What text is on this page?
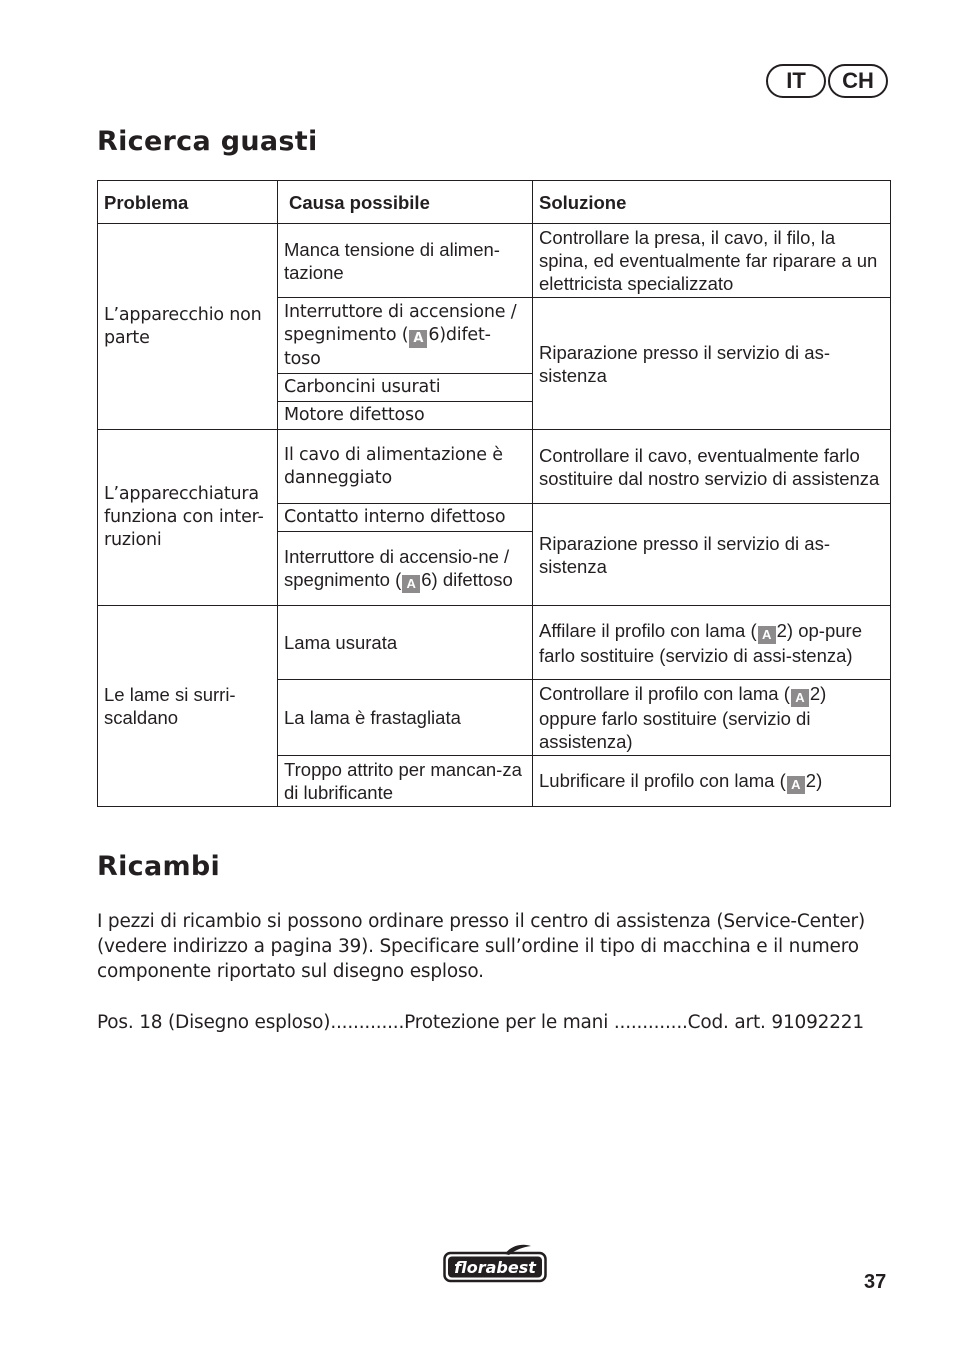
IT	CH
Ricerca guasti
Problema	Causa possibile	Soluzione
L’apparecchio non parte	Manca tensione di alimen-tazione	Controllare la presa, il cavo, il filo, la spina, ed eventualmente far riparare a un elettricista specializzato
	Interruttore di accensione / spegnimento ( A 6)difet-toso	Riparazione presso il servizio di as-sistenza
	Carboncini usurati	
	Motore difettoso	
L’apparecchiatura funziona con inter-ruzioni	Il cavo di alimentazione è danneggiato	Controllare il cavo, eventualmente farlo sostituire dal nostro servizio di assistenza
	Contatto interno difettoso	Riparazione presso il servizio di as-sistenza
	Interruttore di accensio-ne / spegnimento ( A 6) difettoso	
Le lame si surri-scaldano	Lama usurata	Affilare il profilo con lama ( A 2) op-pure farlo sostituire (servizio di assi-stenza)
	La lama è frastagliata	Controllare il profilo con lama ( A 2) oppure farlo sostituire (servizio di assistenza)
	Troppo attrito per mancan-za di lubrificante	Lubrificare il profilo con lama ( A 2)
Ricambi

I pezzi di ricambio si possono ordinare presso il centro di assistenza (Service-Center) (vedere indirizzo a pagina 39). Specificare sull’ordine il tipo di macchina e il numero componente riportato sul disegno esploso.

Pos. 18 (Disegno esploso).............Protezione per le mani .............Cod. art. 91092221

florabest
37
